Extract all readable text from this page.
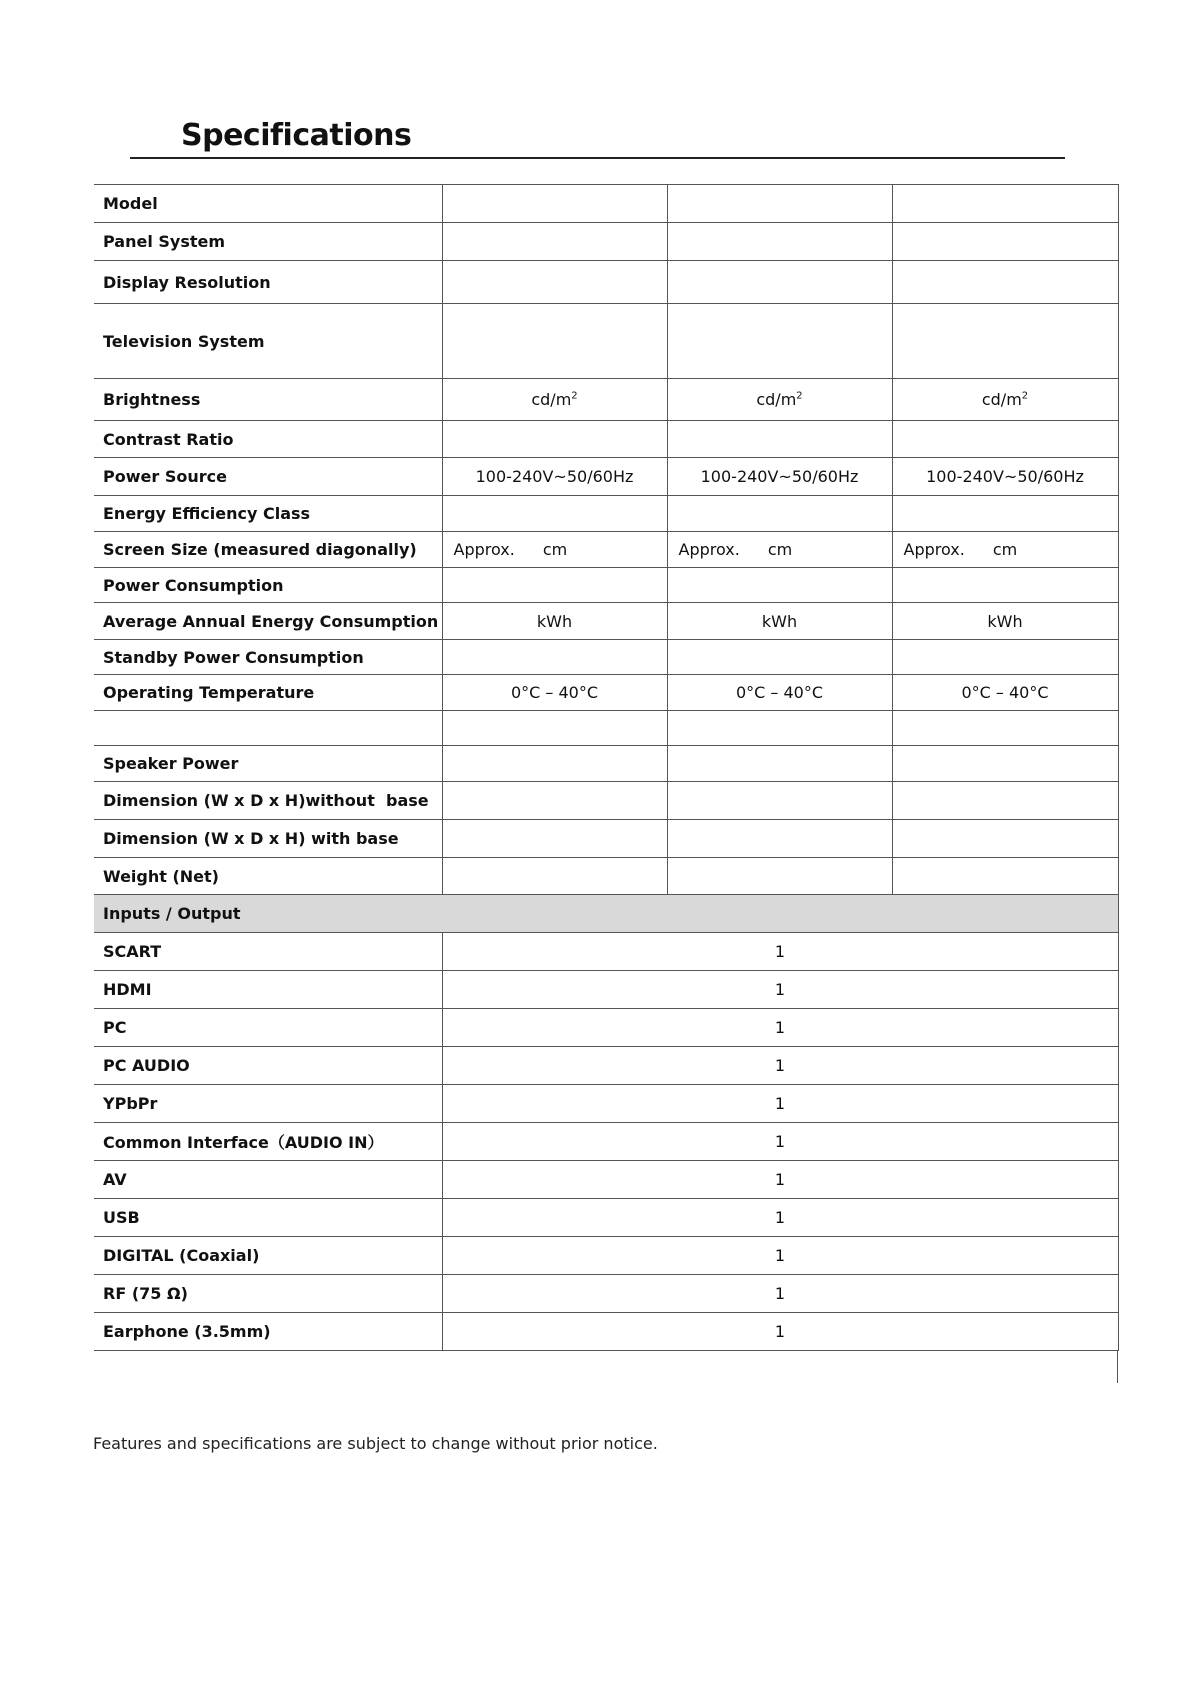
Specifications
Model			
Panel System			
Display Resolution			
Television System			
Brightness	$cd/m^2$	$cd/m^2$	$cd/m^2$
Contrast Ratio			
Power Source	100-240V~50/60Hz	100-240V~50/60Hz	100-240V~50/60Hz
Energy Efficiency Class			
Screen Size (measured diagonally)	Approx. cm	Approx. cm	Approx. cm
Power Consumption			
Average Annual Energy Consumption	kWh	kWh	kWh
Standby Power Consumption			
Operating Temperature	0°C – 40°C	0°C – 40°C	0°C – 40°C

Speaker Power			
Dimension (W x D x H)without  base			
Dimension (W x D x H) with base			
Weight (Net)			
Inputs / Output			
SCART	1		
HDMI	1		
PC	1		
PC AUDIO	1		
YPbPr	1		
Common Interface（AUDIO IN）	1		
AV	1		
USB	1		
DIGITAL (Coaxial)	1		
RF (75 Ω)	1		
Earphone (3.5mm)	1		

Features and specifications are subject to change without prior notice.
